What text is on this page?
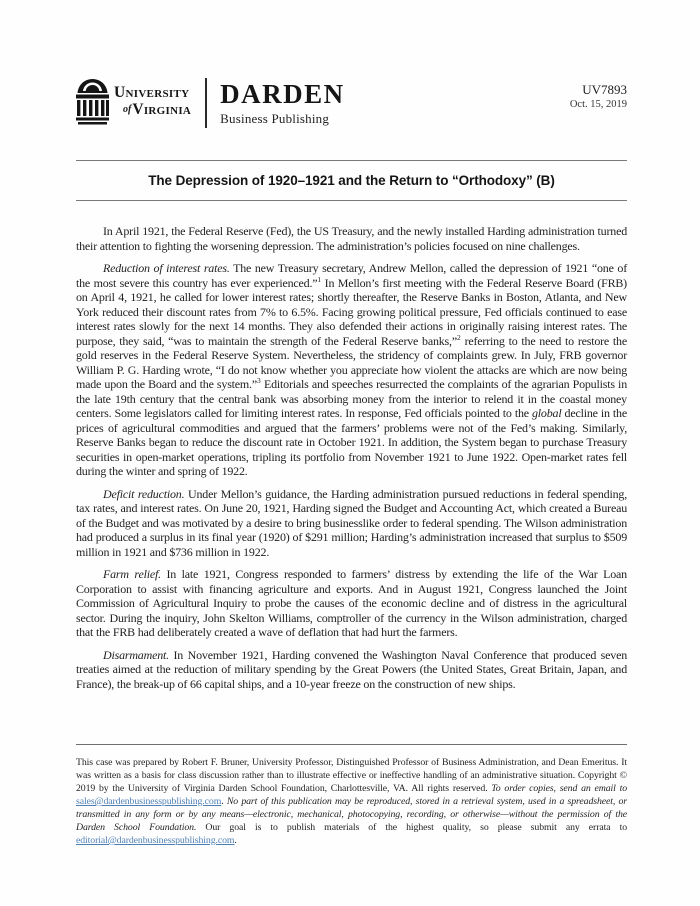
University
ofVirginia DARDEN
Business Publishing
UV7893
Oct. 15, 2019
The Depression of 1920–1921 and the Return to “Orthodoxy” (B)

In April 1921, the Federal Reserve (Fed), the US Treasury, and the newly installed Harding administration turned their attention to fighting the worsening depression. The administration’s policies focused on nine challenges.

Reduction of interest rates. The new Treasury secretary, Andrew Mellon, called the depression of 1921 “one of the most severe this country has ever experienced.”$^1$ In Mellon’s first meeting with the Federal Reserve Board (FRB) on April 4, 1921, he called for lower interest rates; shortly thereafter, the Reserve Banks in Boston, Atlanta, and New York reduced their discount rates from 7% to 6.5%. Facing growing political pressure, Fed officials continued to ease interest rates slowly for the next 14 months. They also defended their actions in originally raising interest rates. The purpose, they said, “was to maintain the strength of the Federal Reserve banks,”$^2$ referring to the need to restore the gold reserves in the Federal Reserve System. Nevertheless, the stridency of complaints grew. In July, FRB governor William P. G. Harding wrote, “I do not know whether you appreciate how violent the attacks are which are now being made upon the Board and the system.”$^3$ Editorials and speeches resurrected the complaints of the agrarian Populists in the late 19th century that the central bank was absorbing money from the interior to relend it in the coastal money centers. Some legislators called for limiting interest rates. In response, Fed officials pointed to the global decline in the prices of agricultural commodities and argued that the farmers’ problems were not of the Fed’s making. Similarly, Reserve Banks began to reduce the discount rate in October 1921. In addition, the System began to purchase Treasury securities in open-market operations, tripling its portfolio from November 1921 to June 1922. Open-market rates fell during the winter and spring of 1922.

Deficit reduction. Under Mellon’s guidance, the Harding administration pursued reductions in federal spending, tax rates, and interest rates. On June 20, 1921, Harding signed the Budget and Accounting Act, which created a Bureau of the Budget and was motivated by a desire to bring businesslike order to federal spending. The Wilson administration had produced a surplus in its final year (1920) of $291 million; Harding’s administration increased that surplus to $509 million in 1921 and $736 million in 1922.

Farm relief. In late 1921, Congress responded to farmers’ distress by extending the life of the War Loan Corporation to assist with financing agriculture and exports. And in August 1921, Congress launched the Joint Commission of Agricultural Inquiry to probe the causes of the economic decline and of distress in the agricultural sector. During the inquiry, John Skelton Williams, comptroller of the currency in the Wilson administration, charged that the FRB had deliberately created a wave of deflation that had hurt the farmers.

Disarmament. In November 1921, Harding convened the Washington Naval Conference that produced seven treaties aimed at the reduction of military spending by the Great Powers (the United States, Great Britain, Japan, and France), the break-up of 66 capital ships, and a 10-year freeze on the construction of new ships.

This case was prepared by Robert F. Bruner, University Professor, Distinguished Professor of Business Administration, and Dean Emeritus. It was written as a basis for class discussion rather than to illustrate effective or ineffective handling of an administrative situation. Copyright © 2019 by the University of Virginia Darden School Foundation, Charlottesville, VA. All rights reserved. To order copies, send an email to sales@dardenbusinesspublishing.com. No part of this publication may be reproduced, stored in a retrieval system, used in a spreadsheet, or transmitted in any form or by any means—electronic, mechanical, photocopying, recording, or otherwise—without the permission of the Darden School Foundation. Our goal is to publish materials of the highest quality, so please submit any errata to editorial@dardenbusinesspublishing.com.
